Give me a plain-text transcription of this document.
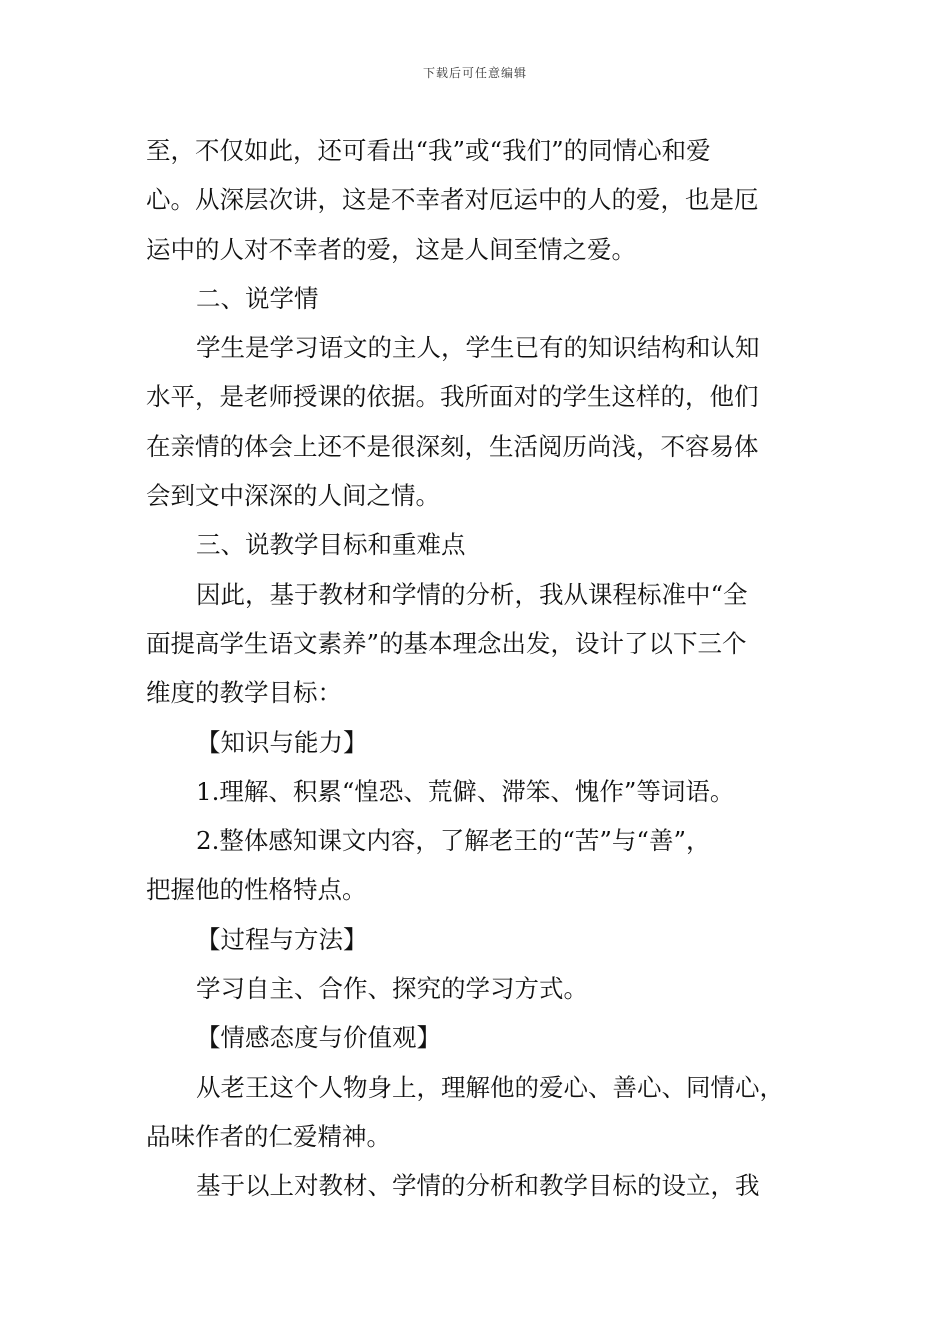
下载后可任意编辑
至，不仅如此，还可看出“我”或“我们”的同情心和爱
心。从深层次讲，这是不幸者对厄运中的人的爱，也是厄
运中的人对不幸者的爱，这是人间至情之爱。
二、说学情
学生是学习语文的主人，学生已有的知识结构和认知
水平，是老师授课的依据。我所面对的学生这样的，他们
在亲情的体会上还不是很深刻，生活阅历尚浅，不容易体
会到文中深深的人间之情。
三、说教学目标和重难点
因此，基于教材和学情的分析，我从课程标准中“全
面提高学生语文素养”的基本理念出发，设计了以下三个
维度的教学目标：
【知识与能力】
1.理解、积累“惶恐、荒僻、滞笨、愧作”等词语。
2.整体感知课文内容，了解老王的“苦”与“善”，
把握他的性格特点。
【过程与方法】
学习自主、合作、探究的学习方式。
【情感态度与价值观】
从老王这个人物身上，理解他的爱心、善心、同情心，
品味作者的仁爱精神。
基于以上对教材、学情的分析和教学目标的设立，我
